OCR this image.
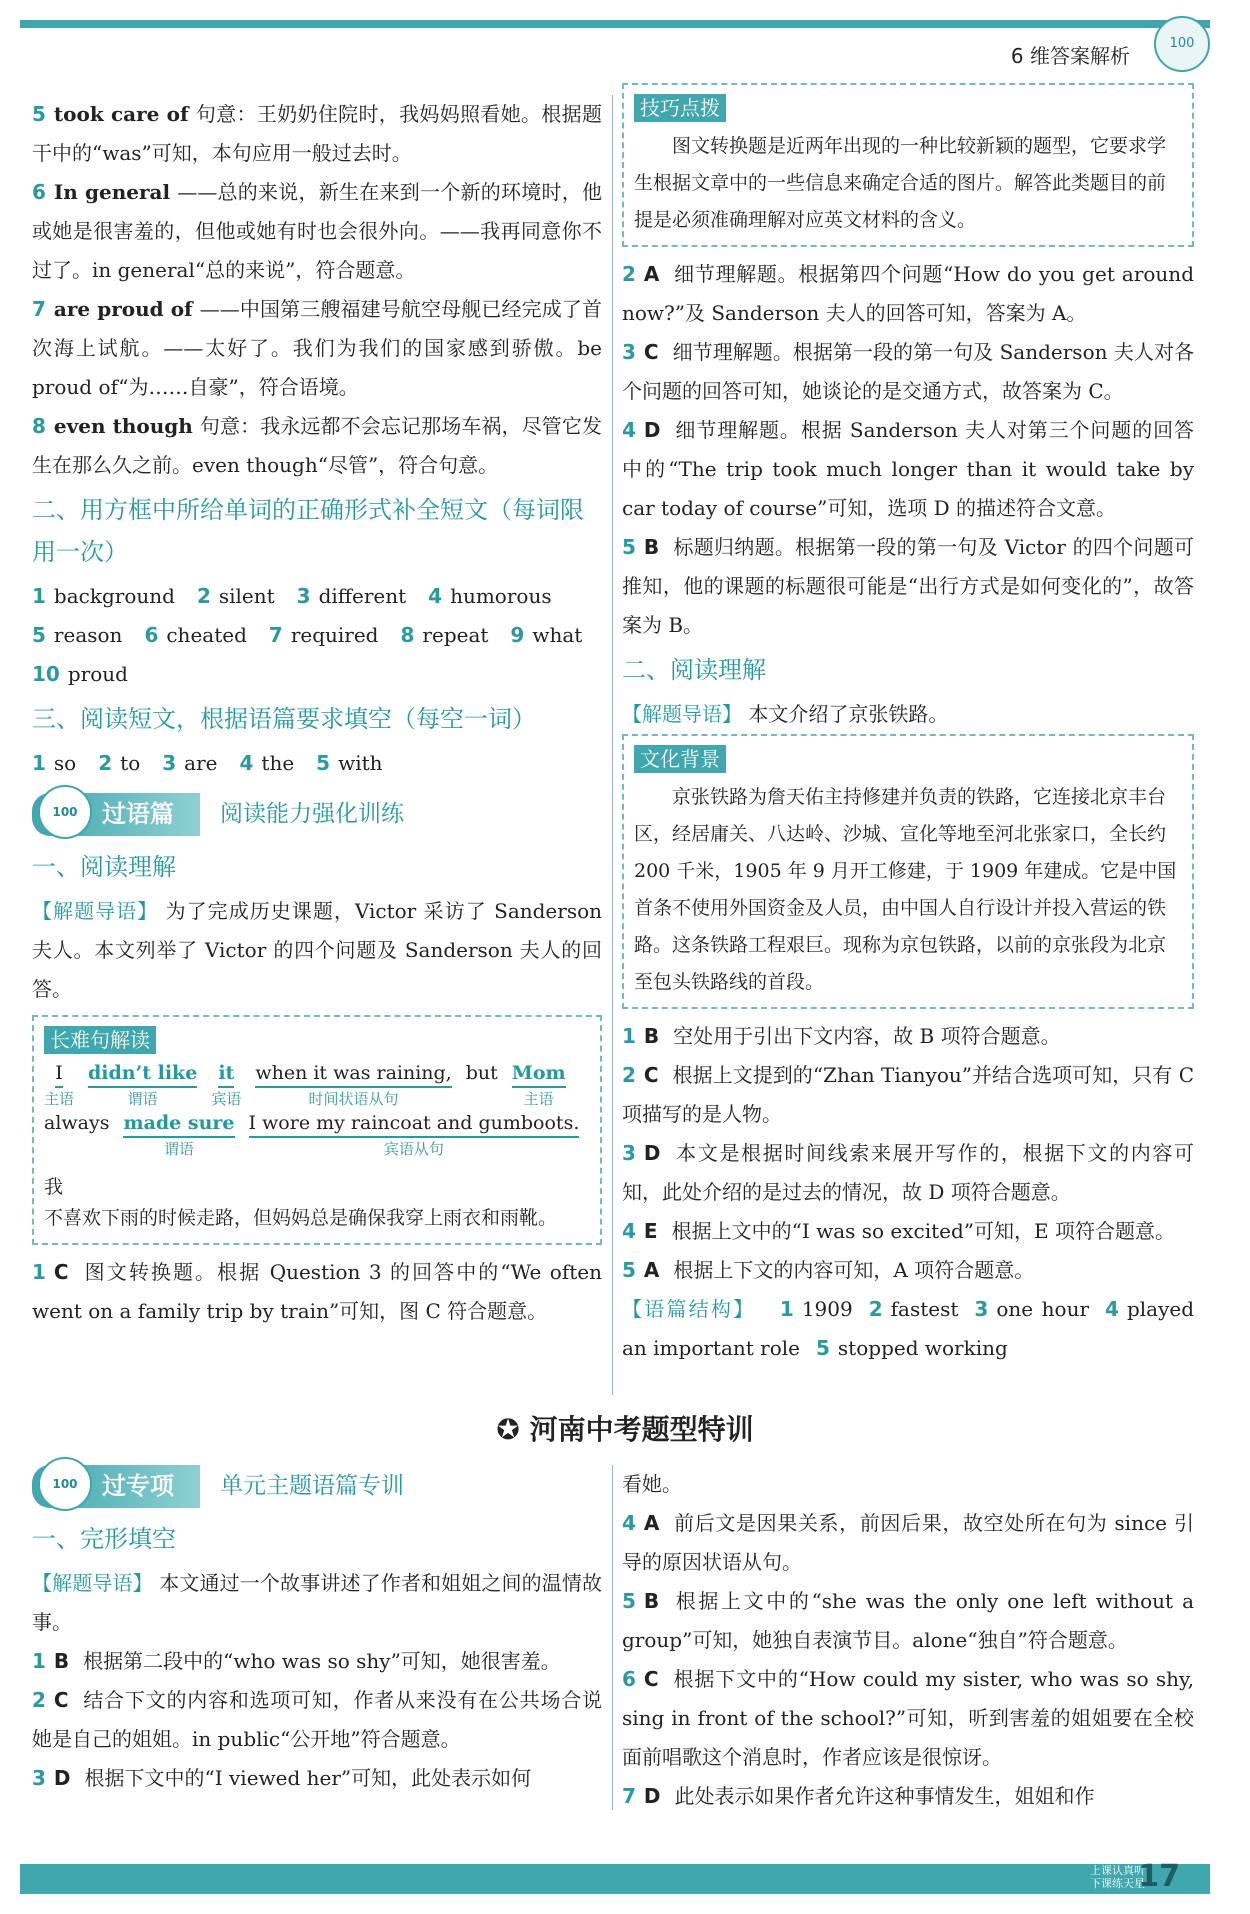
6 维答案解析
100

5 took care of 句意：王奶奶住院时，我妈妈照看她。根据题干中的“was”可知，本句应用一般过去时。

6 In general ——总的来说，新生在来到一个新的环境时，他或她是很害羞的，但他或她有时也会很外向。——我再同意你不过了。in general“总的来说”，符合题意。

7 are proud of ——中国第三艘福建号航空母舰已经完成了首次海上试航。——太好了。我们为我们的国家感到骄傲。be proud of“为……自豪”，符合语境。

8 even though 句意：我永远都不会忘记那场车祸，尽管它发生在那么久之前。even though“尽管”，符合句意。

二、用方框中所给单词的正确形式补全短文（每词限用一次）
1 background 2 silent 3 different 4 humorous
5 reason 6 cheated 7 required 8 repeat 9 what
10 proud
三、阅读短文，根据语篇要求填空（每空一词）
1 so 2 to 3 are 4 the 5 with
100	过语篇	阅读能力强化训练
一、阅读理解

【解题导语】 为了完成历史课题，Victor 采访了 Sanderson 夫人。本文列举了 Victor 的四个问题及 Sanderson 夫人的回答。

长难句解读
I
主语
didn’t like
谓语
it
宾语
when it was raining,
时间状语从句
but Mom
主语
always made sure
谓语
I wore my raincoat and gumboots.
宾语从句
我
不喜欢下雨的时候走路，但妈妈总是确保我穿上雨衣和雨靴。

1 C 图文转换题。根据 Question 3 的回答中的“We often went on a family trip by train”可知，图 C 符合题意。

技巧点拨
图文转换题是近两年出现的一种比较新颖的题型，它要求学生根据文章中的一些信息来确定合适的图片。解答此类题目的前提是必须准确理解对应英文材料的含义。

2 A 细节理解题。根据第四个问题“How do you get around now?”及 Sanderson 夫人的回答可知，答案为 A。

3 C 细节理解题。根据第一段的第一句及 Sanderson 夫人对各个问题的回答可知，她谈论的是交通方式，故答案为 C。

4 D 细节理解题。根据 Sanderson 夫人对第三个问题的回答中的“The trip took much longer than it would take by car today of course”可知，选项 D 的描述符合文意。

5 B 标题归纳题。根据第一段的第一句及 Victor 的四个问题可推知，他的课题的标题很可能是“出行方式是如何变化的”，故答案为 B。

二、阅读理解

【解题导语】 本文介绍了京张铁路。

文化背景
京张铁路为詹天佑主持修建并负责的铁路，它连接北京丰台区，经居庸关、八达岭、沙城、宣化等地至河北张家口，全长约 200 千米，1905 年 9 月开工修建，于 1909 年建成。它是中国首条不使用外国资金及人员，由中国人自行设计并投入营运的铁路。这条铁路工程艰巨。现称为京包铁路，以前的京张段为北京至包头铁路线的首段。

1 B 空处用于引出下文内容，故 B 项符合题意。

2 C 根据上文提到的“Zhan Tianyou”并结合选项可知，只有 C 项描写的是人物。

3 D 本文是根据时间线索来展开写作的，根据下文的内容可知，此处介绍的是过去的情况，故 D 项符合题意。

4 E 根据上文中的“I was so excited”可知，E 项符合题意。

5 A 根据上下文的内容可知，A 项符合题意。

【语篇结构】 1 1909 2 fastest 3 one hour 4 played an important role 5 stopped working

✪ 河南中考题型特训
100	过专项	单元主题语篇专训
一、完形填空

【解题导语】 本文通过一个故事讲述了作者和姐姐之间的温情故事。

1 B 根据第二段中的“who was so shy”可知，她很害羞。

2 C 结合下文的内容和选项可知，作者从来没有在公共场合说她是自己的姐姐。in public“公开地”符合题意。

3 D 根据下文中的“I viewed her”可知，此处表示如何

看她。

4 A 前后文是因果关系，前因后果，故空处所在句为 since 引导的原因状语从句。

5 B 根据上文中的“she was the only one left without a group”可知，她独自表演节目。alone“独自”符合题意。

6 C 根据下文中的“How could my sister, who was so shy, sing in front of the school?”可知，听到害羞的姐姐要在全校面前唱歌这个消息时，作者应该是很惊讶。

7 D 此处表示如果作者允许这种事情发生，姐姐和作

上课认真听
下课练天星
17
